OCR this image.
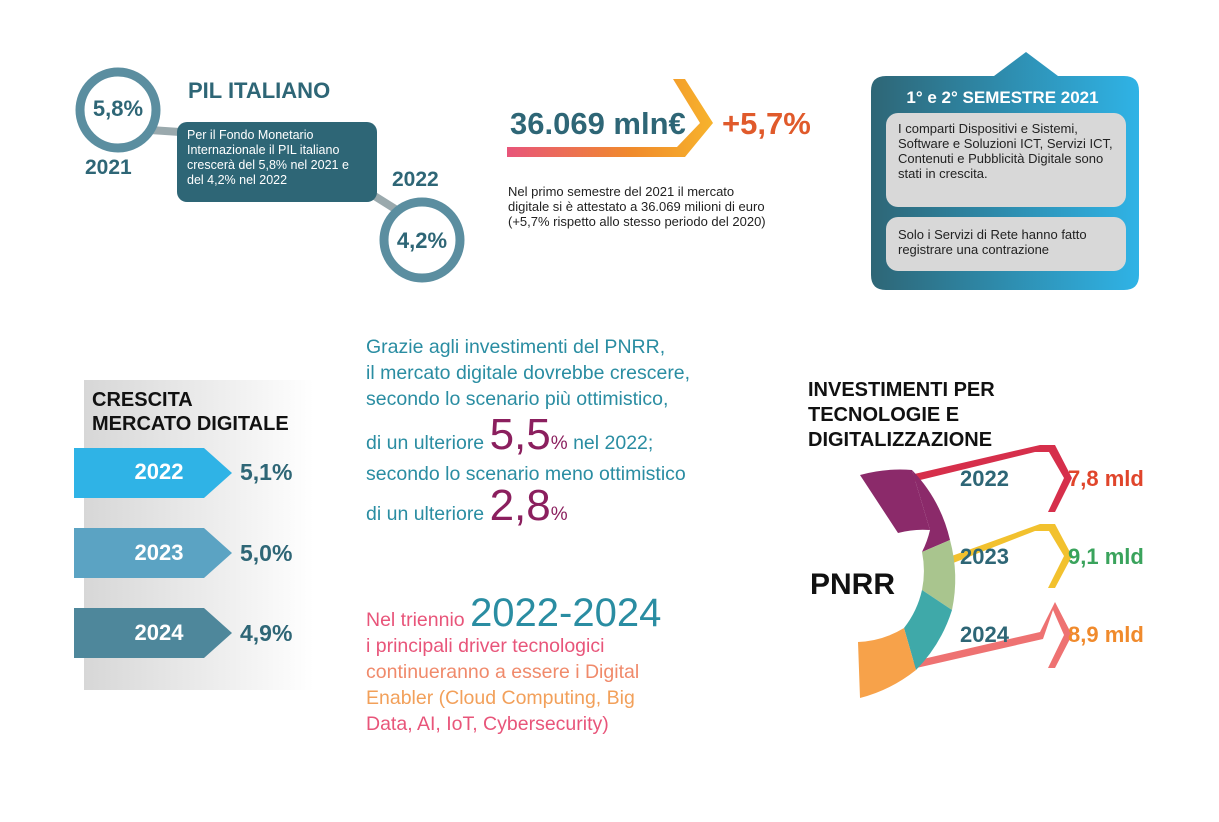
PIL ITALIANO
5,8%
2021
Per il Fondo Monetario Internazionale il PIL italiano crescerà del 5,8% nel 2021 e del 4,2% nel 2022	2022
4,2%
36.069 mln€ +5,7%
Nel primo semestre del 2021 il mercato digitale si è attestato a 36.069 milioni di euro (+5,7% rispetto allo stesso periodo del 2020)
1° e 2° SEMESTRE 2021
I comparti Dispositivi e Sistemi, Software e Soluzioni ICT, Servizi ICT, Contenuti e Pubblicità Digitale sono stati in crescita.
Solo i Servizi di Rete hanno fatto registrare una contrazione
CRESCITA
MERCATO DIGITALE
2022	5,1%
2023	5,0%
2024	4,9%
Grazie agli investimenti del PNRR,
il mercato digitale dovrebbe crescere,
secondo lo scenario più ottimistico,
di un ulteriore 5,5% nel 2022;
secondo lo scenario meno ottimistico
di un ulteriore 2,8%
Nel triennio 2022-2024
i principali driver tecnologici
continueranno a essere i Digital
Enabler (Cloud Computing, Big
Data, AI, IoT, Cybersecurity)
INVESTIMENTI PER
TECNOLOGIE E
DIGITALIZZAZIONE
PNRR
2022	7,8 mld
2023	9,1 mld
2024	8,9 mld
